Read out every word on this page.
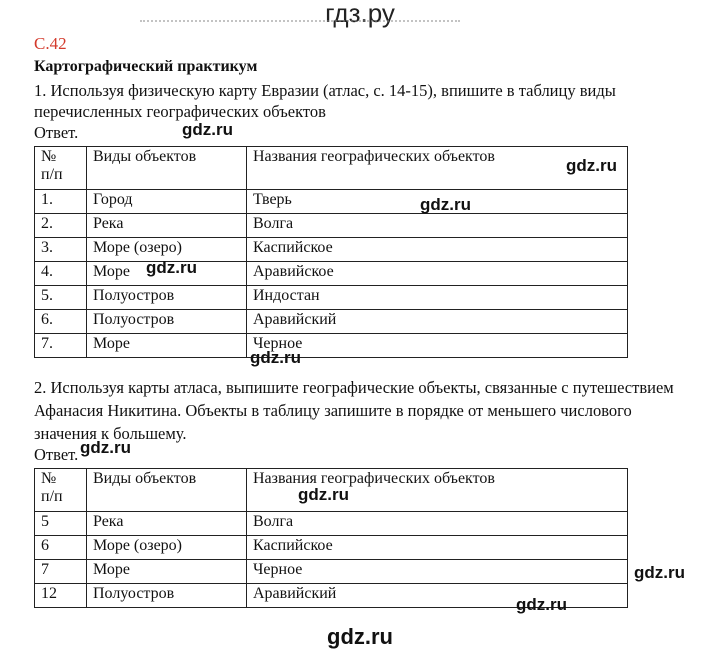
гдз.ру
С.42
Картографический практикум
1. Используя физическую карту Евразии (атлас, с. 14-15), впишите в таблицу виды
перечисленных географических объектов
Ответ.
№
п/п	Виды объектов	Названия географических объектов
1.	Город	Тверь
2.	Река	Волга
3.	Море (озеро)	Каспийское
4.	Море	Аравийское
5.	Полуостров	Индостан
6.	Полуостров	Аравийский
7.	Море	Черное
2. Используя карты атласа, выпишите географические объекты, связанные с путешествием
Афанасия Никитина. Объекты в таблицу запишите в порядке от меньшего числового
значения к большему.
Ответ.
№
п/п	Виды объектов	Названия географических объектов
5	Река	Волга
6	Море (озеро)	Каспийское
7	Море	Черное
12	Полуостров	Аравийский
gdz.ru
gdz.ru
gdz.ru
gdz.ru
gdz.ru
gdz.ru
gdz.ru
gdz.ru
gdz.ru
gdz.ru
